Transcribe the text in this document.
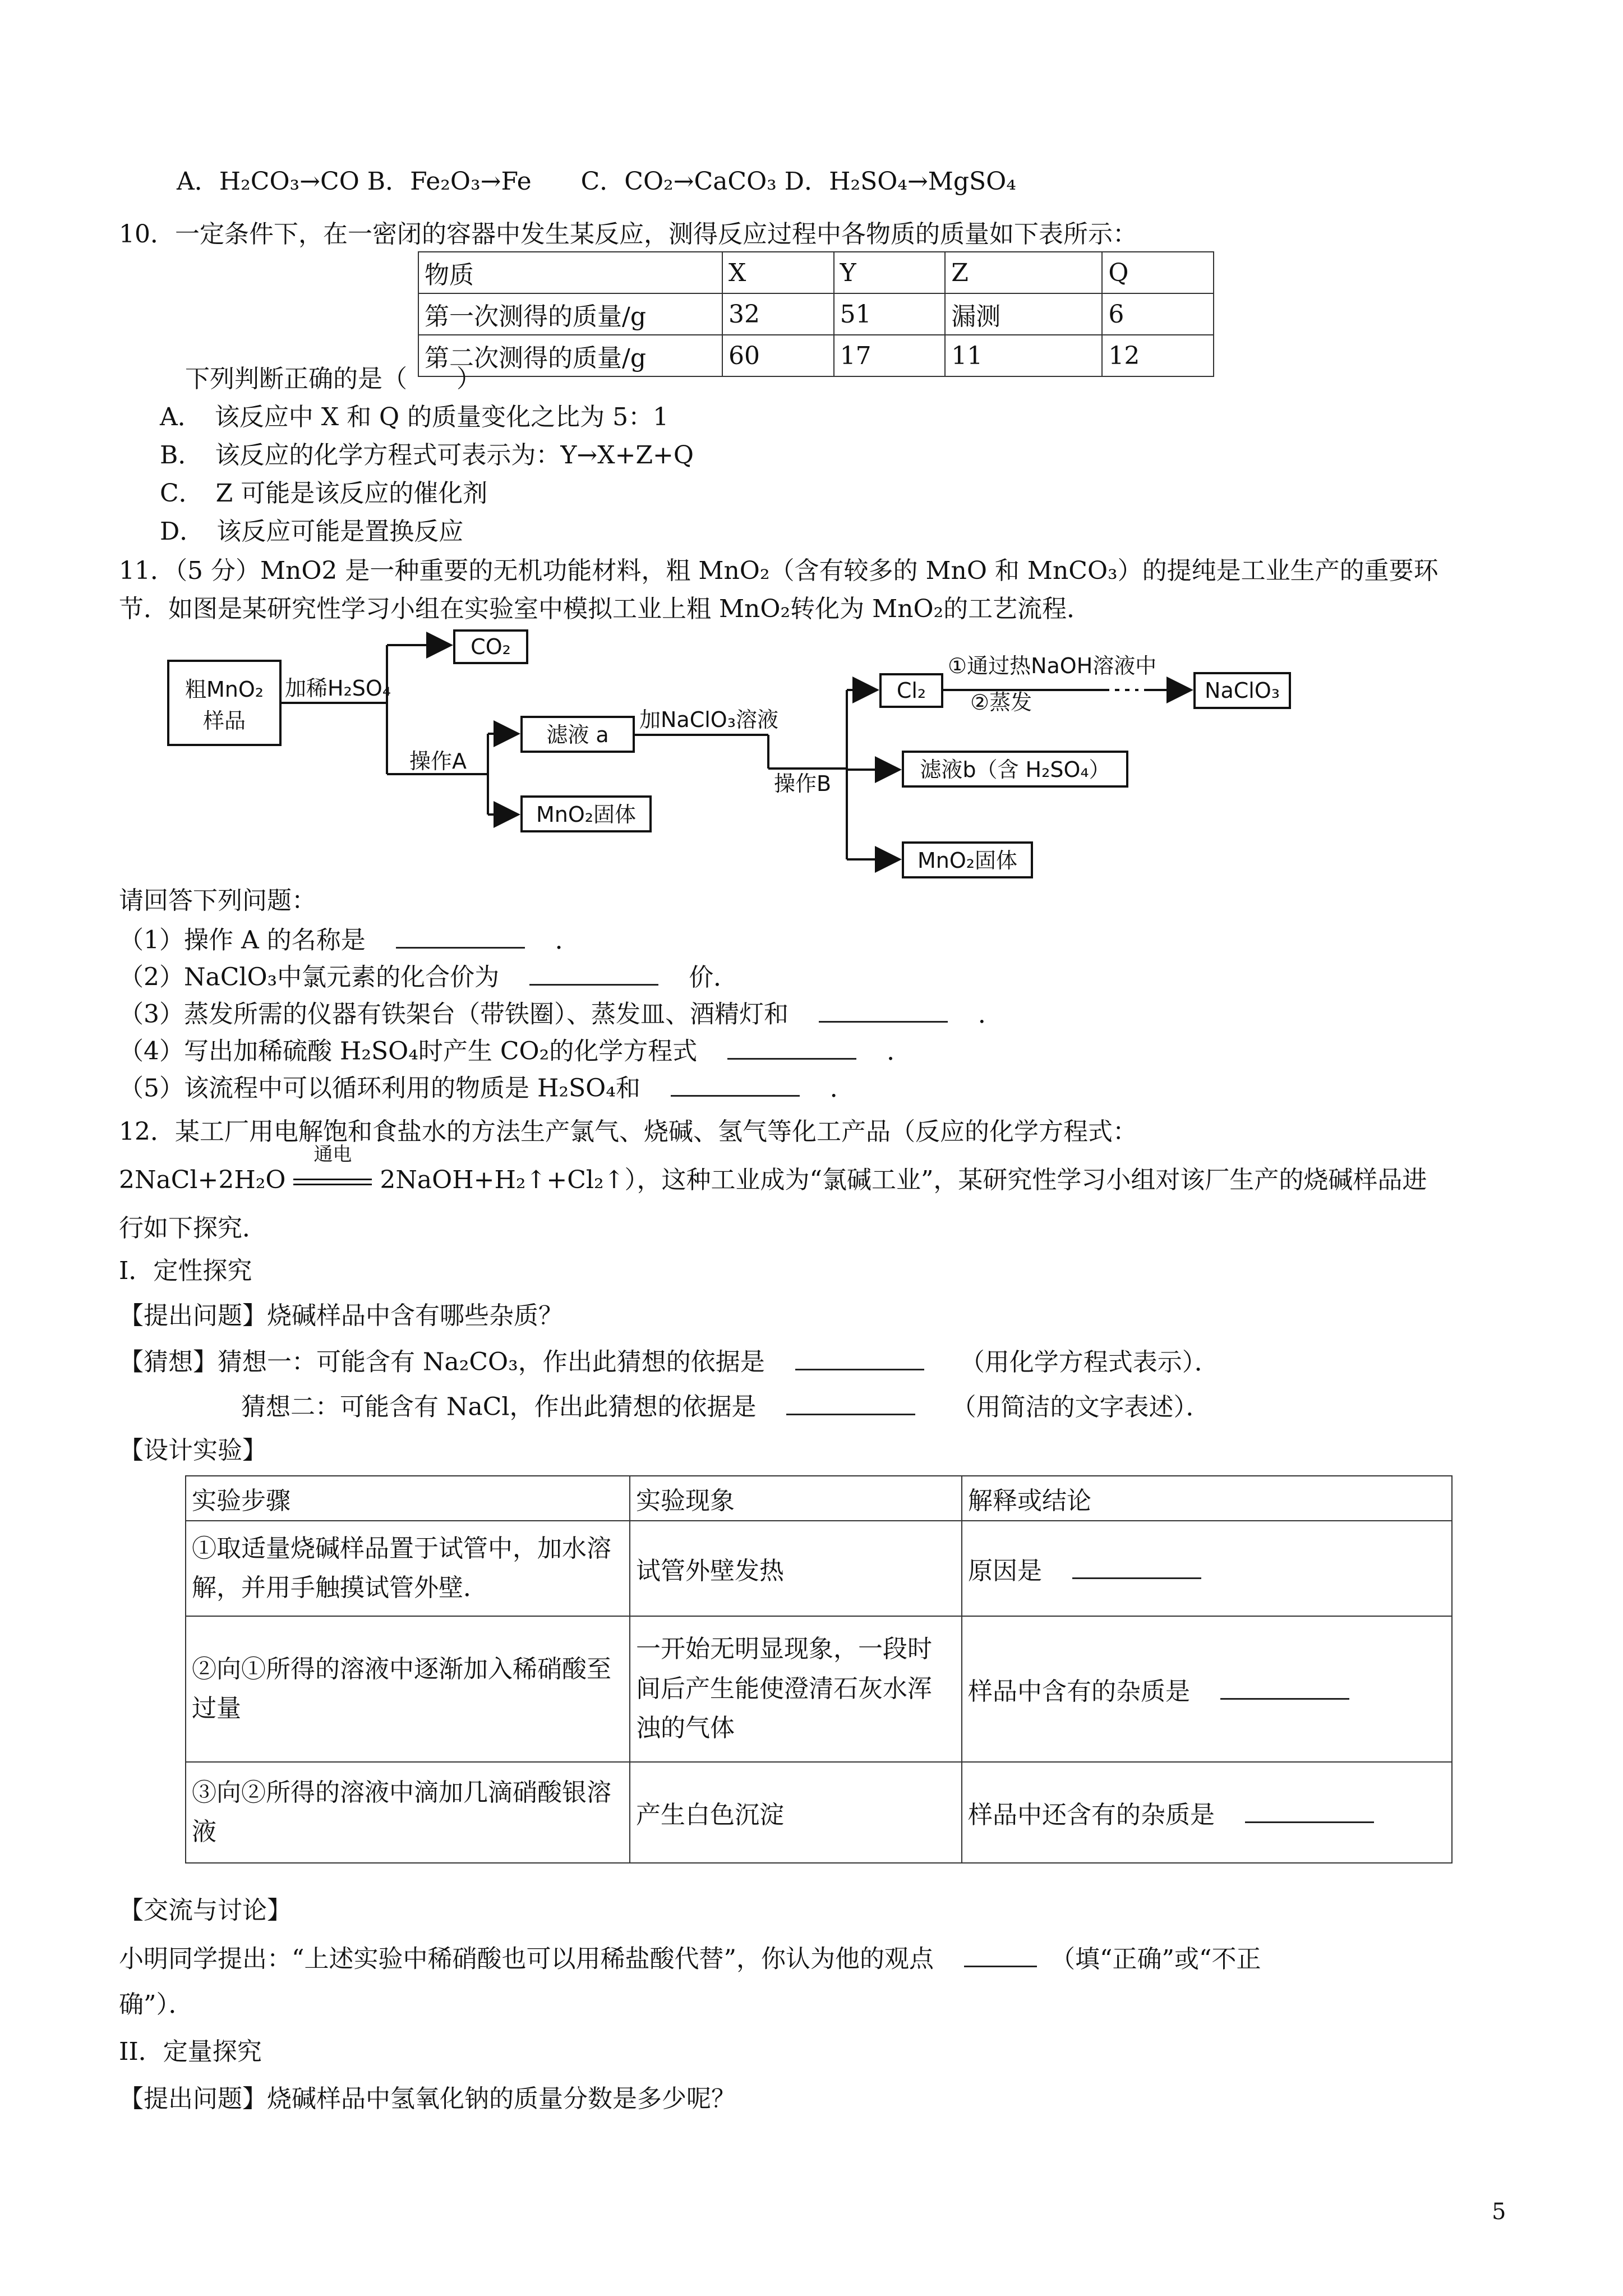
A．H₂CO₃→CO B．Fe₂O₃→Fe　　C．CO₂→CaCO₃ D．H₂SO₄→MgSO₄
10．一定条件下，在一密闭的容器中发生某反应，测得反应过程中各物质的质量如下表所示：
物质	X	Y	Z	Q
第一次测得的质量/g	32	51	漏测	6
第二次测得的质量/g	60	17	11	12
下列判断正确的是（　　）
A．　该反应中 X 和 Q 的质量变化之比为 5：1
B．　该反应的化学方程式可表示为：Y→X+Z+Q
C．　Z 可能是该反应的催化剂
D．　该反应可能是置换反应
11．（5 分）MnO2 是一种重要的无机功能材料，粗 MnO₂（含有较多的 MnO 和 MnCO₃）的提纯是工业生产的重要环
节．如图是某研究性学习小组在实验室中模拟工业上粗 MnO₂转化为 MnO₂的工艺流程．
粗MnO₂
样品
加稀H₂SO₄
CO₂
操作A
滤液 a
MnO₂固体
加NaClO₃溶液
操作B
Cl₂
①通过热NaOH溶液中
②蒸发	NaClO₃
滤液b（含 H₂SO₄）
MnO₂固体
请回答下列问题：
（1）操作 A 的名称是	．
（2）NaClO₃中氯元素的化合价为	价．
（3）蒸发所需的仪器有铁架台（带铁圈）、蒸发皿、酒精灯和	．
（4）写出加稀硫酸 H₂SO₄时产生 CO₂的化学方程式	．
（5）该流程中可以循环利用的物质是 H₂SO₄和	．
12．某工厂用电解饱和食盐水的方法生产氯气、烧碱、氢气等化工产品（反应的化学方程式：
2NaCl+2H₂O
通电
2NaOH+H₂↑+Cl₂↑），这种工业成为“氯碱工业”，某研究性学习小组对该厂生产的烧碱样品进
行如下探究．
I．定性探究
【提出问题】烧碱样品中含有哪些杂质？
【猜想】猜想一：可能含有 Na₂CO₃，作出此猜想的依据是	（用化学方程式表示）．
猜想二：可能含有 NaCl，作出此猜想的依据是	（用简洁的文字表述）．
【设计实验】
实验步骤	实验现象	解释或结论
①取适量烧碱样品置于试管中，加水溶解，并用手触摸试管外壁．	试管外壁发热	原因是
②向①所得的溶液中逐渐加入稀硝酸至过量	一开始无明显现象，一段时间后产生能使澄清石灰水浑浊的气体	样品中含有的杂质是
③向②所得的溶液中滴加几滴硝酸银溶液	产生白色沉淀	样品中还含有的杂质是
【交流与讨论】
小明同学提出：“上述实验中稀硝酸也可以用稀盐酸代替”，你认为他的观点	（填“正确”或“不正
确”）．
II．定量探究
【提出问题】烧碱样品中氢氧化钠的质量分数是多少呢？
5
